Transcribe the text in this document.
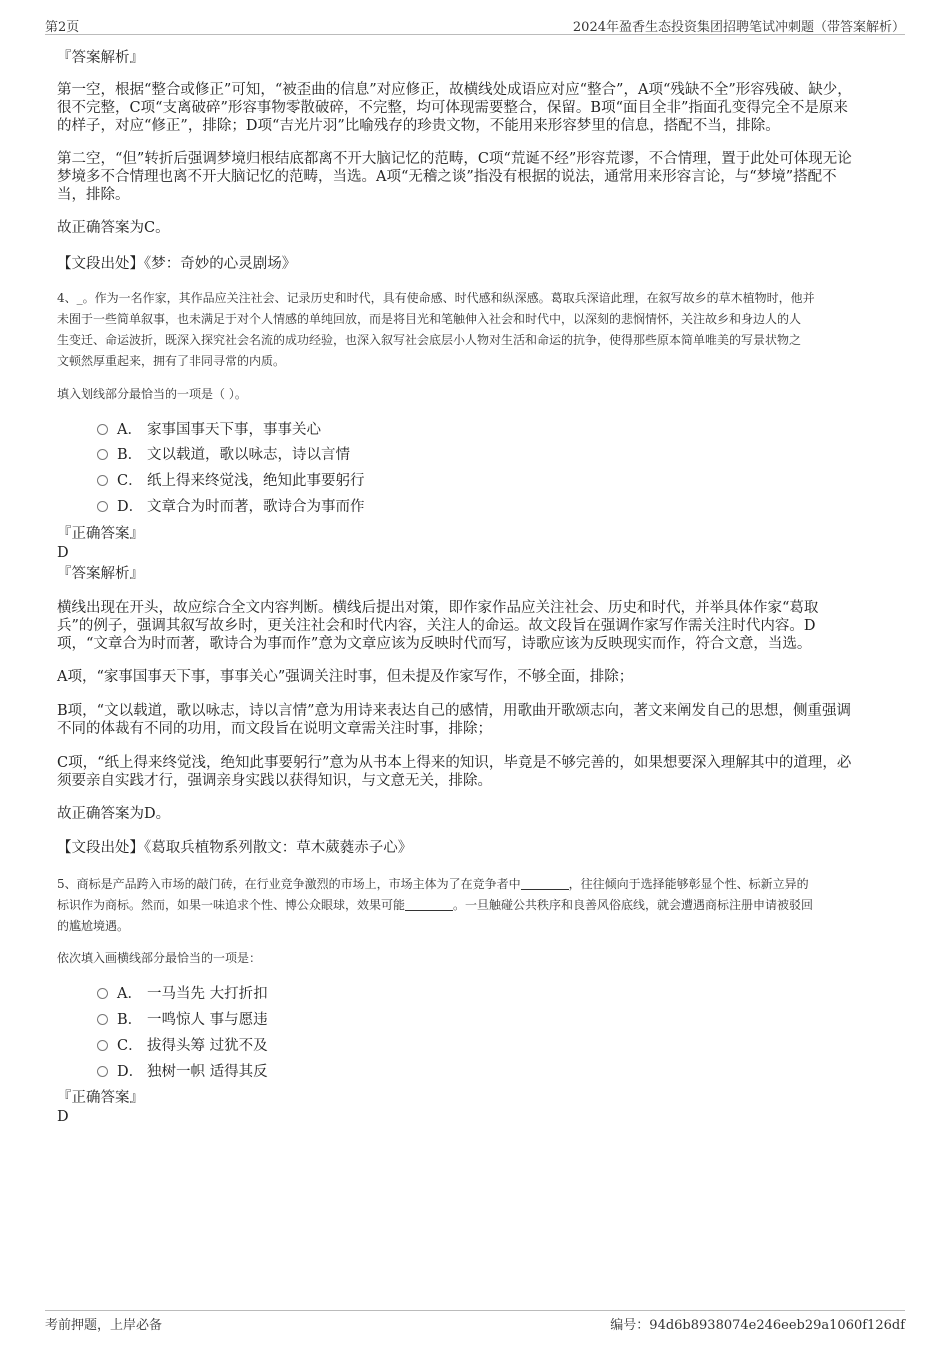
第2页	2024年盈香生态投资集团招聘笔试冲刺题（带答案解析）

『答案解析』

第一空，根据“整合或修正”可知，“被歪曲的信息”对应修正，故横线处成语应对应“整合”，A项“残缺不全”形容残破、缺少，

很不完整，C项“支离破碎”形容事物零散破碎，不完整，均可体现需要整合，保留。B项“面目全非”指面孔变得完全不是原来

的样子，对应“修正”，排除；D项“吉光片羽”比喻残存的珍贵文物，不能用来形容梦里的信息，搭配不当，排除。

第二空，“但”转折后强调梦境归根结底都离不开大脑记忆的范畴，C项“荒诞不经”形容荒谬，不合情理，置于此处可体现无论

梦境多不合情理也离不开大脑记忆的范畴，当选。A项“无稽之谈”指没有根据的说法，通常用来形容言论，与“梦境”搭配不

当，排除。

故正确答案为C。

【文段出处】《梦：奇妙的心灵剧场》

4、_。作为一名作家，其作品应关注社会、记录历史和时代，具有使命感、时代感和纵深感。葛取兵深谙此理，在叙写故乡的草木植物时，他并

未囿于一些简单叙事，也未满足于对个人情感的单纯回放，而是将目光和笔触伸入社会和时代中，以深刻的悲悯情怀，关注故乡和身边人的人

生变迁、命运波折，既深入探究社会名流的成功经验，也深入叙写社会底层小人物对生活和命运的抗争，使得那些原本简单唯美的写景状物之

文顿然厚重起来，拥有了非同寻常的内质。

填入划线部分最恰当的一项是（ ）。

A． 家事国事天下事，事事关心
B． 文以载道，歌以咏志，诗以言情
C． 纸上得来终觉浅，绝知此事要躬行
D． 文章合为时而著，歌诗合为事而作

『正确答案』

D

『答案解析』

横线出现在开头，故应综合全文内容判断。横线后提出对策，即作家作品应关注社会、历史和时代，并举具体作家“葛取

兵”的例子，强调其叙写故乡时，更关注社会和时代内容，关注人的命运。故文段旨在强调作家写作需关注时代内容。D

项，“文章合为时而著，歌诗合为事而作”意为文章应该为反映时代而写，诗歌应该为反映现实而作，符合文意，当选。

A项，“家事国事天下事，事事关心”强调关注时事，但未提及作家写作，不够全面，排除；

B项，“文以载道，歌以咏志，诗以言情”意为用诗来表达自己的感情，用歌曲开歌颂志向，著文来阐发自己的思想，侧重强调

不同的体裁有不同的功用，而文段旨在说明文章需关注时事，排除；

C项，“纸上得来终觉浅，绝知此事要躬行”意为从书本上得来的知识，毕竟是不够完善的，如果想要深入理解其中的道理，必

须要亲自实践才行，强调亲身实践以获得知识，与文意无关，排除。

故正确答案为D。

【文段出处】《葛取兵植物系列散文：草木葳蕤赤子心》

5、商标是产品跨入市场的敲门砖，在行业竞争激烈的市场上，市场主体为了在竞争者中	，往往倾向于选择能够彰显个性、标新立异的

标识作为商标。然而，如果一味追求个性、博公众眼球，效果可能	。一旦触碰公共秩序和良善风俗底线，就会遭遇商标注册申请被驳回

的尴尬境遇。

依次填入画横线部分最恰当的一项是：

A． 一马当先 大打折扣
B． 一鸣惊人 事与愿违
C． 拔得头筹 过犹不及
D． 独树一帜 适得其反

『正确答案』

D

考前押题，上岸必备	编号：94d6b8938074e246eeb29a1060f126df
